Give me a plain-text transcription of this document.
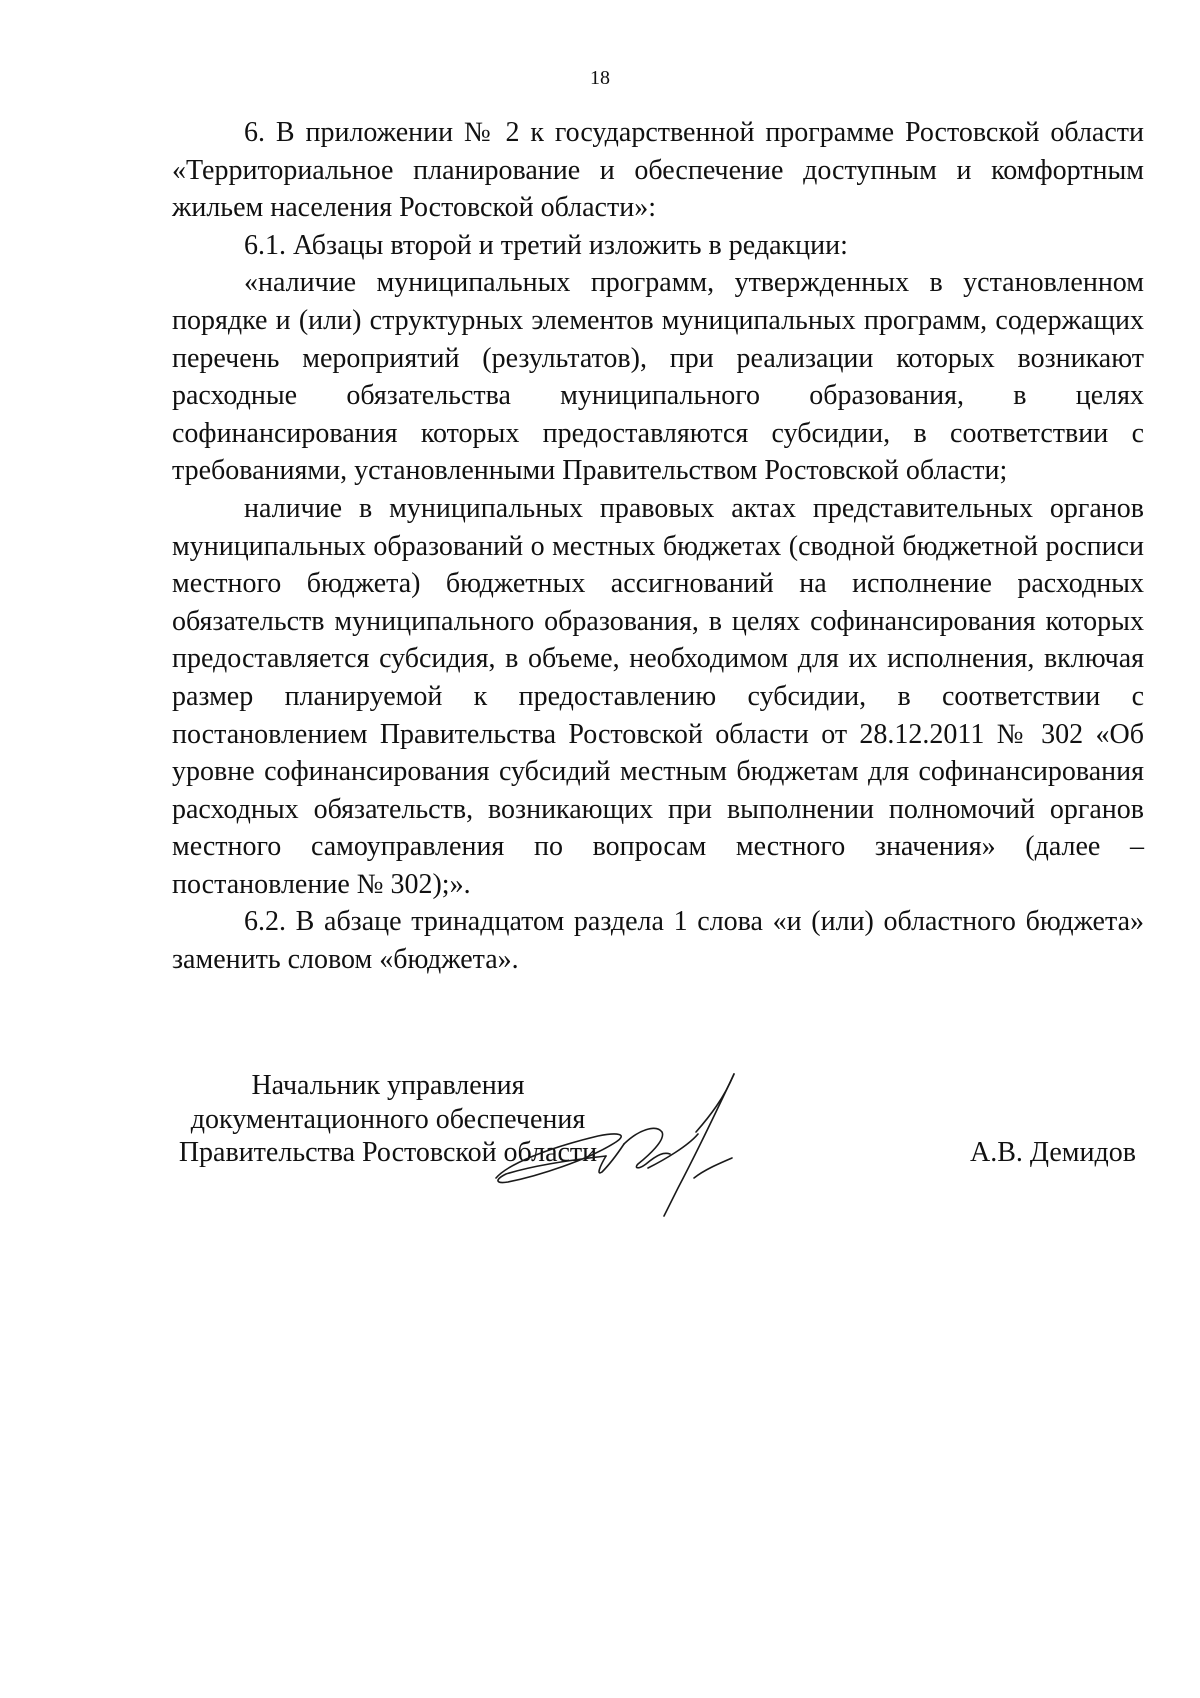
18

6. В приложении № 2 к государственной программе Ростовской области «Территориальное планирование и обеспечение доступным и комфортным жильем населения Ростовской области»:

6.1. Абзацы второй и третий изложить в редакции:

«наличие муниципальных программ, утвержденных в установленном порядке и (или) структурных элементов муниципальных программ, содержащих перечень мероприятий (результатов), при реализации которых возникают расходные обязательства муниципального образования, в целях софинансирования которых предоставляются субсидии, в соответствии с требованиями, установленными Правительством Ростовской области;

наличие в муниципальных правовых актах представительных органов муниципальных образований о местных бюджетах (сводной бюджетной росписи местного бюджета) бюджетных ассигнований на исполнение расходных обязательств муниципального образования, в целях софинансирования которых предоставляется субсидия, в объеме, необходимом для их исполнения, включая размер планируемой к предоставлению субсидии, в соответствии с постановлением Правительства Ростовской области от 28.12.2011 № 302 «Об уровне софинансирования субсидий местным бюджетам для софинансирования расходных обязательств, возникающих при выполнении полномочий органов местного самоуправления по вопросам местного значения» (далее – постановление № 302);».

6.2. В абзаце тринадцатом раздела 1 слова «и (или) областного бюджета» заменить словом «бюджета».

Начальник управления
документационного обеспечения
Правительства Ростовской области	А.В. Демидов
